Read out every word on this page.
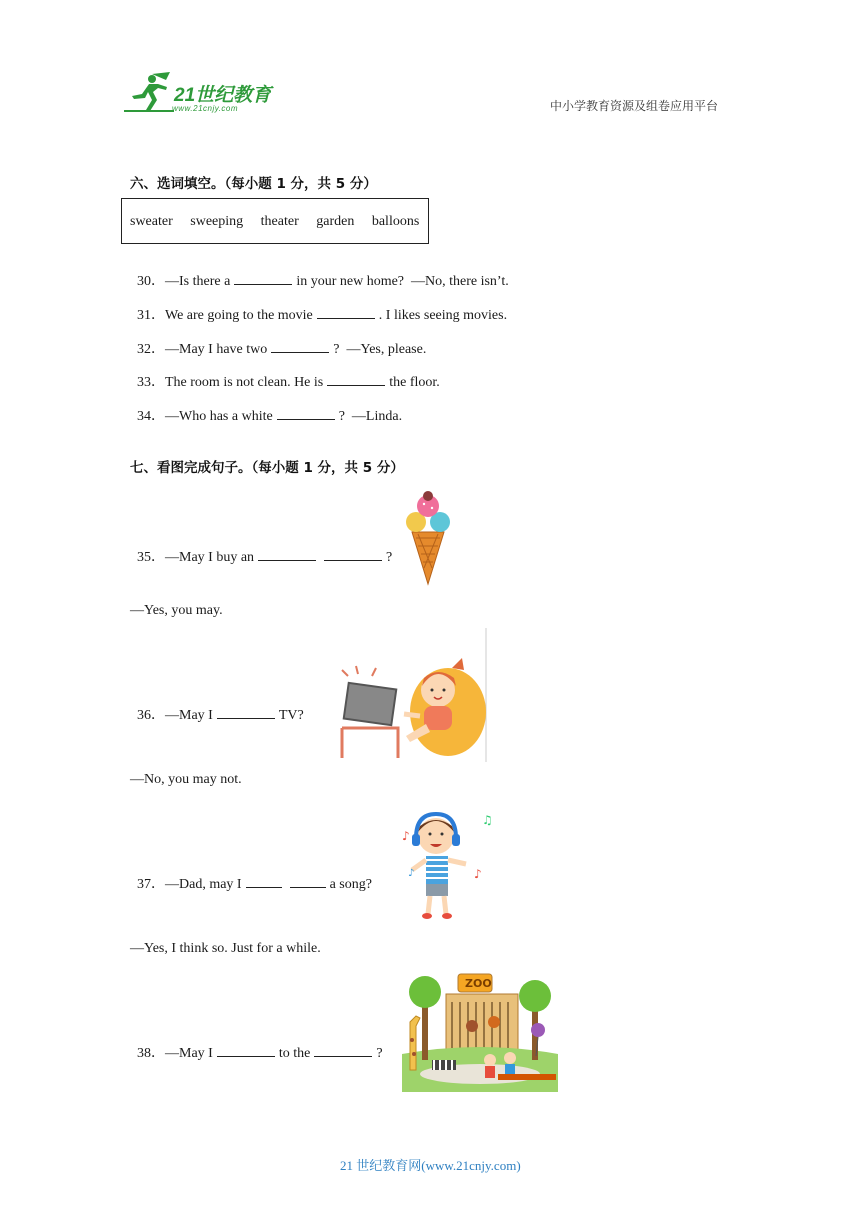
21世纪教育
www.21cnjy.com	中小学教育资源及组卷应用平台
六、选词填空。（每小题 1 分，共 5 分）
sweater sweeping theater garden balloons

30．—Is there a	in your new home?  —No, there isn’t.

31．We are going to the movie	. I likes seeing movies.

32．—May I have two	?  —Yes, please.

33．The room is not clean. He is	the floor.

34．—Who has a white	?  —Linda.

七、看图完成句子。（每小题 1 分，共 5 分）

35．—May I buy an	?

—Yes, you may.

36．—May I	TV?

—No, you may not.

37．—Dad, may I	a song?

♪
♫
♪
♪
—Yes, I think so. Just for a while.

38．—May I	to the	?

ZOO
21 世纪教育网(www.21cnjy.com)
